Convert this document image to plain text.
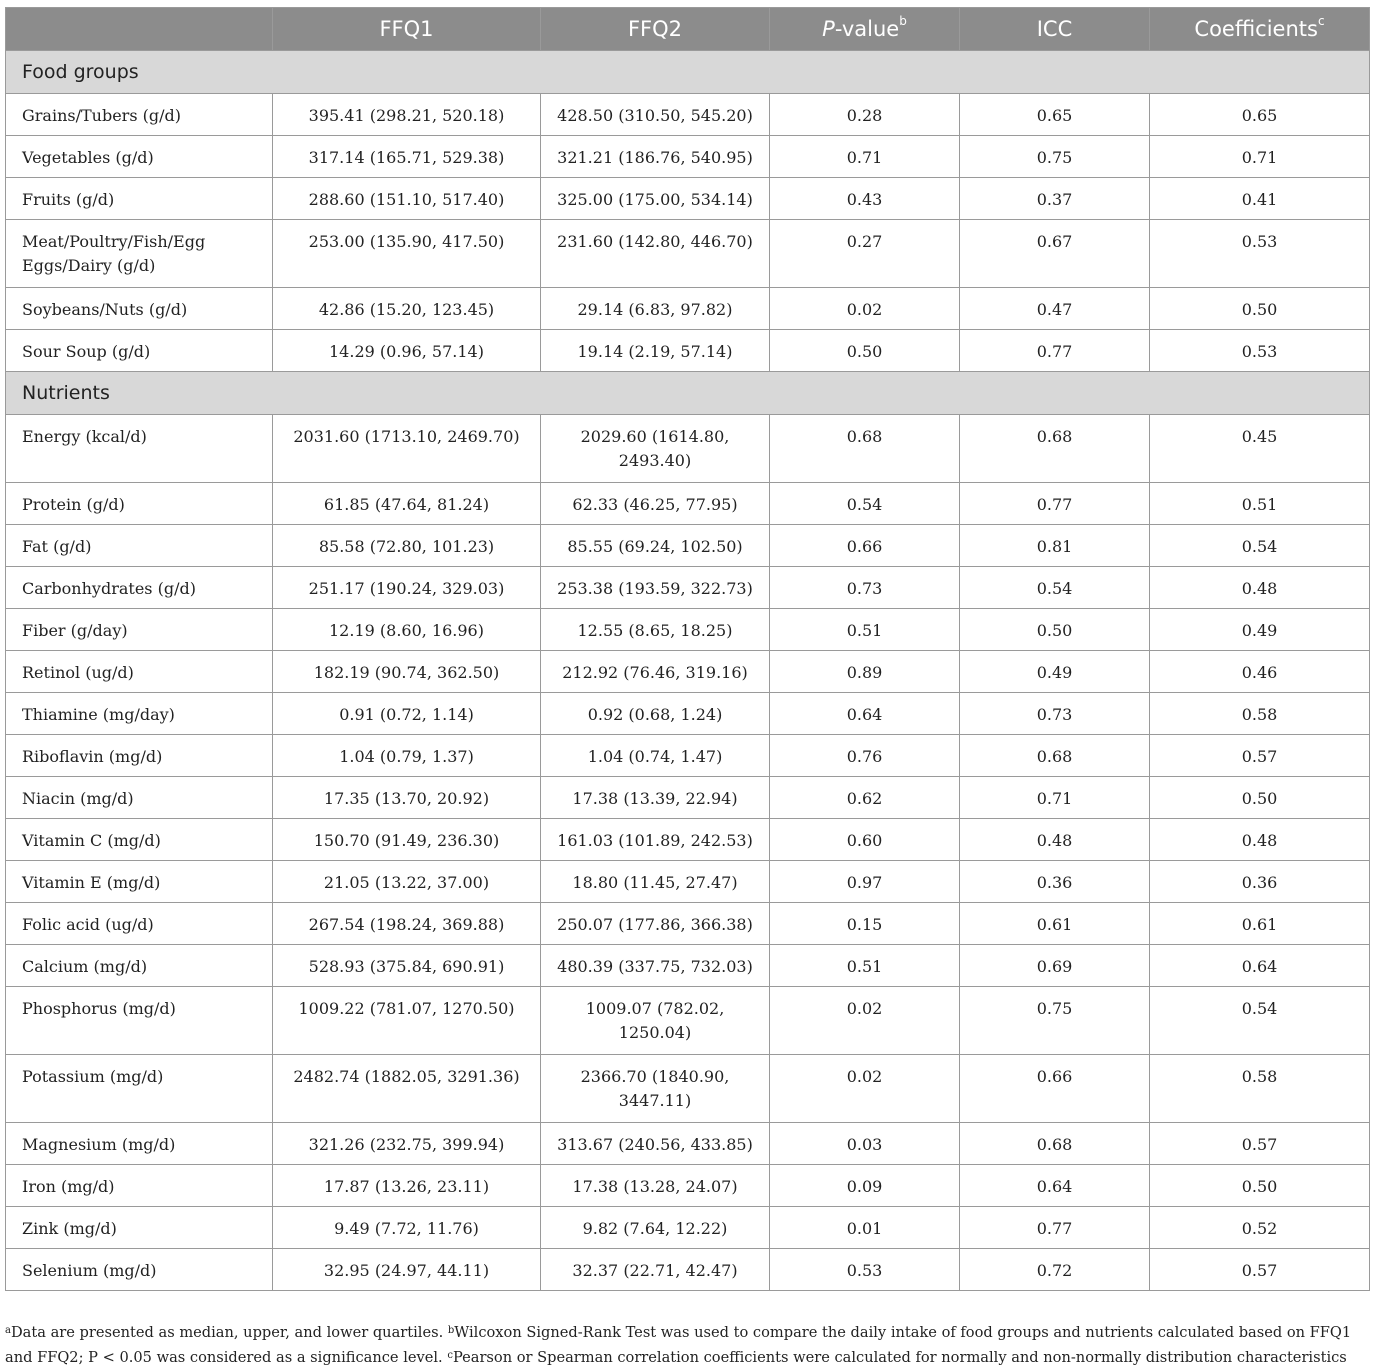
	FFQ1	FFQ2	P-value$^b$	ICC	Coefficients$^c$
Food groups					

Grains/Tubers (g/d)	395.41 (298.21, 520.18)	428.50 (310.50, 545.20)	0.28	0.65	0.65

Vegetables (g/d)	317.14 (165.71, 529.38)	321.21 (186.76, 540.95)	0.71	0.75	0.71

Fruits (g/d)	288.60 (151.10, 517.40)	325.00 (175.00, 534.14)	0.43	0.37	0.41

Meat/Poultry/Fish/Egg
Eggs/Dairy (g/d)	253.00 (135.90, 417.50)	231.60 (142.80, 446.70)	0.27	0.67	0.53

Soybeans/Nuts (g/d)	42.86 (15.20, 123.45)	29.14 (6.83, 97.82)	0.02	0.47	0.50

Sour Soup (g/d)	14.29 (0.96, 57.14)	19.14 (2.19, 57.14)	0.50	0.77	0.53

Nutrients					

Energy (kcal/d)	2031.60 (1713.10, 2469.70)	2029.60 (1614.80,
2493.40)	0.68	0.68	0.45

Protein (g/d)	61.85 (47.64, 81.24)	62.33 (46.25, 77.95)	0.54	0.77	0.51

Fat (g/d)	85.58 (72.80, 101.23)	85.55 (69.24, 102.50)	0.66	0.81	0.54

Carbonhydrates (g/d)	251.17 (190.24, 329.03)	253.38 (193.59, 322.73)	0.73	0.54	0.48

Fiber (g/day)	12.19 (8.60, 16.96)	12.55 (8.65, 18.25)	0.51	0.50	0.49

Retinol (ug/d)	182.19 (90.74, 362.50)	212.92 (76.46, 319.16)	0.89	0.49	0.46

Thiamine (mg/day)	0.91 (0.72, 1.14)	0.92 (0.68, 1.24)	0.64	0.73	0.58

Riboflavin (mg/d)	1.04 (0.79, 1.37)	1.04 (0.74, 1.47)	0.76	0.68	0.57

Niacin (mg/d)	17.35 (13.70, 20.92)	17.38 (13.39, 22.94)	0.62	0.71	0.50

Vitamin C (mg/d)	150.70 (91.49, 236.30)	161.03 (101.89, 242.53)	0.60	0.48	0.48

Vitamin E (mg/d)	21.05 (13.22, 37.00)	18.80 (11.45, 27.47)	0.97	0.36	0.36

Folic acid (ug/d)	267.54 (198.24, 369.88)	250.07 (177.86, 366.38)	0.15	0.61	0.61

Calcium (mg/d)	528.93 (375.84, 690.91)	480.39 (337.75, 732.03)	0.51	0.69	0.64

Phosphorus (mg/d)	1009.22 (781.07, 1270.50)	1009.07 (782.02,
1250.04)	0.02	0.75	0.54

Potassium (mg/d)	2482.74 (1882.05, 3291.36)	2366.70 (1840.90,
3447.11)	0.02	0.66	0.58

Magnesium (mg/d)	321.26 (232.75, 399.94)	313.67 (240.56, 433.85)	0.03	0.68	0.57

Iron (mg/d)	17.87 (13.26, 23.11)	17.38 (13.28, 24.07)	0.09	0.64	0.50

Zink (mg/d)	9.49 (7.72, 11.76)	9.82 (7.64, 12.22)	0.01	0.77	0.52

Selenium (mg/d)	32.95 (24.97, 44.11)	32.37 (22.71, 42.47)	0.53	0.72	0.57
$^a$Data are presented as median, upper, and lower quartiles. $^b$Wilcoxon Signed-Rank Test was used to compare the daily intake of food groups and nutrients calculated based on FFQ1 and FFQ2; P < 0.05 was considered as a significance level. $^c$Pearson or Spearman correlation coefficients were calculated for normally and non-normally distribution characteristics
